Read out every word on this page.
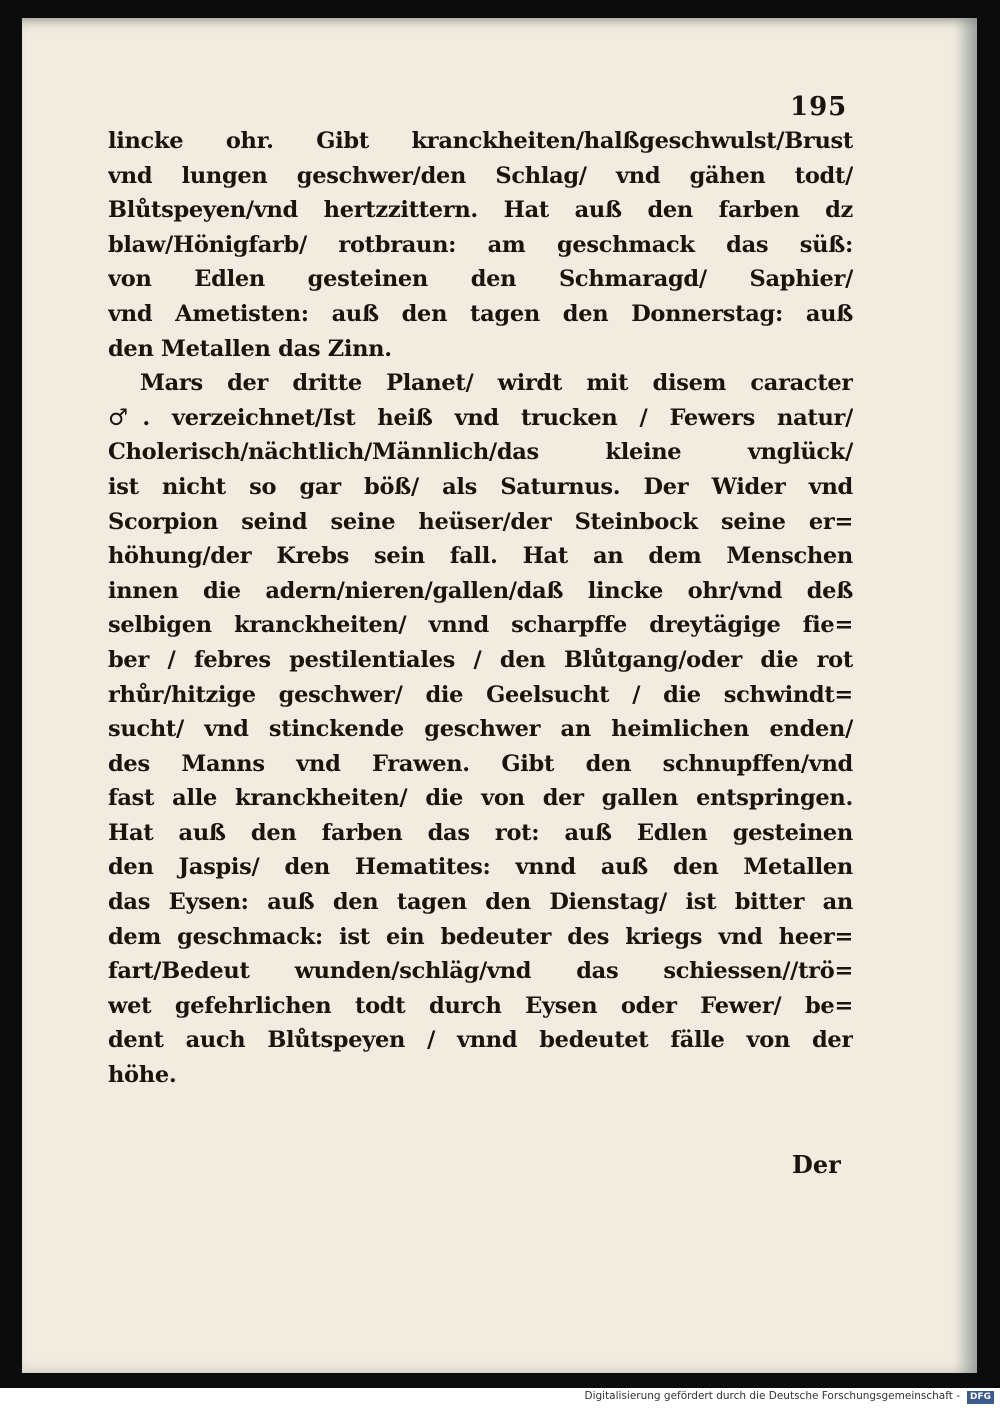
195
lincke ohr. Gibt kranckheiten/halßgeschwulst/Brust
vnd lungen geschwer/den Schlag/ vnd gähen todt/
Blůtspeyen/vnd hertzzittern. Hat auß den farben dz
blaw/Hönigfarb/ rotbraun: am geschmack das süß:
von Edlen gesteinen den Schmaragd/ Saphier/
vnd Ametisten: auß den tagen den Donnerstag: auß
den Metallen das Zinn.
Mars der dritte Planet/ wirdt mit disem caracter
♂. verzeichnet/Ist heiß vnd trucken / Fewers natur/
Cholerisch/nächtlich/Männlich/das kleine vnglück/
ist nicht so gar böß/ als Saturnus. Der Wider vnd
Scorpion seind seine heüser/der Steinbock seine er=
höhung/der Krebs sein fall. Hat an dem Menschen
innen die adern/nieren/gallen/daß lincke ohr/vnd deß
selbigen kranckheiten/ vnnd scharpffe dreytägige fie=
ber / febres pestilentiales / den Blůtgang/oder die rot
rhůr/hitzige geschwer/ die Geelsucht / die schwindt=
sucht/ vnd stinckende geschwer an heimlichen enden/
des Manns vnd Frawen. Gibt den schnupffen/vnd
fast alle kranckheiten/ die von der gallen entspringen.
Hat auß den farben das rot: auß Edlen gesteinen
den Jaspis/ den Hematites: vnnd auß den Metallen
das Eysen: auß den tagen den Dienstag/ ist bitter an
dem geschmack: ist ein bedeuter des kriegs vnd heer=
fart/Bedeut wunden/schläg/vnd das schiessen//trö=
wet gefehrlichen todt durch Eysen oder Fewer/ be=
dent auch Blůtspeyen / vnnd bedeutet fälle von der
höhe.
Der
Digitalisierung gefördert durch die Deutsche Forschungsgemeinschaft -	DFG
